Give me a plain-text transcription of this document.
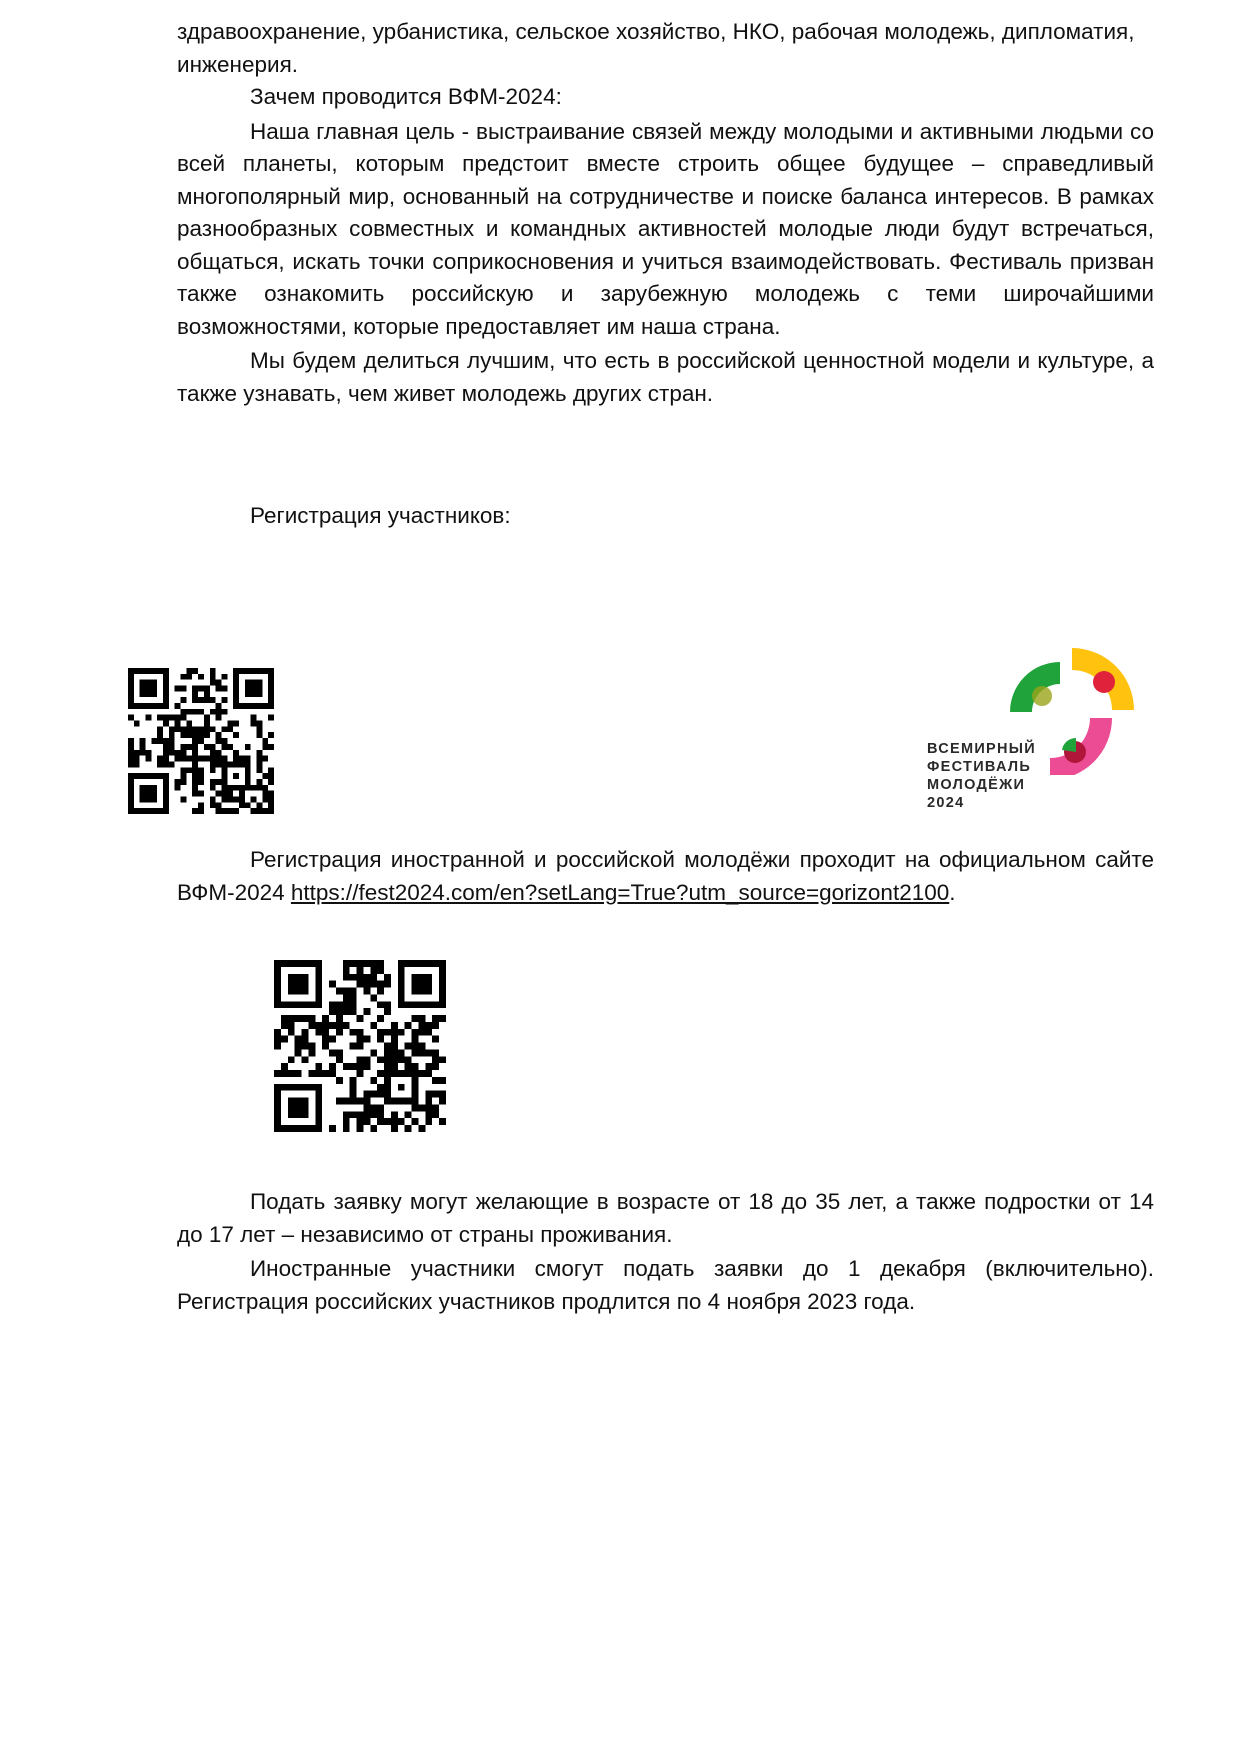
здравоохранение, урбанистика, сельское хозяйство, НКО, рабочая молодежь, дипломатия,

инженерия.

Зачем проводится ВФМ-2024:

Наша главная цель - выстраивание связей между молодыми и активными людьми со всей планеты, которым предстоит вместе строить общее будущее – справедливый многополярный мир, основанный на сотрудничестве и поиске баланса интересов. В рамках разнообразных совместных и командных активностей молодые люди будут встречаться, общаться, искать точки соприкосновения и учиться взаимодействовать. Фестиваль призван также ознакомить российскую и зарубежную молодежь с теми широчайшими возможностями, которые предоставляет им наша страна.

Мы будем делиться лучшим, что есть в российской ценностной модели и культуре, а также узнавать, чем живет молодежь других стран.

Регистрация участников:

ВСЕМИРНЫЙ
ФЕСТИВАЛЬ
МОЛОДЁЖИ
2024

Регистрация иностранной и российской молодёжи проходит на официальном сайте ВФМ-2024 https://fest2024.com/en?setLang=True?utm_source=gorizont2100.

Подать заявку могут желающие в возрасте от 18 до 35 лет, а также подростки от 14 до 17 лет – независимо от страны проживания.

Иностранные участники смогут подать заявки до 1 декабря (включительно). Регистрация российских участников продлится по 4 ноября 2023 года.
